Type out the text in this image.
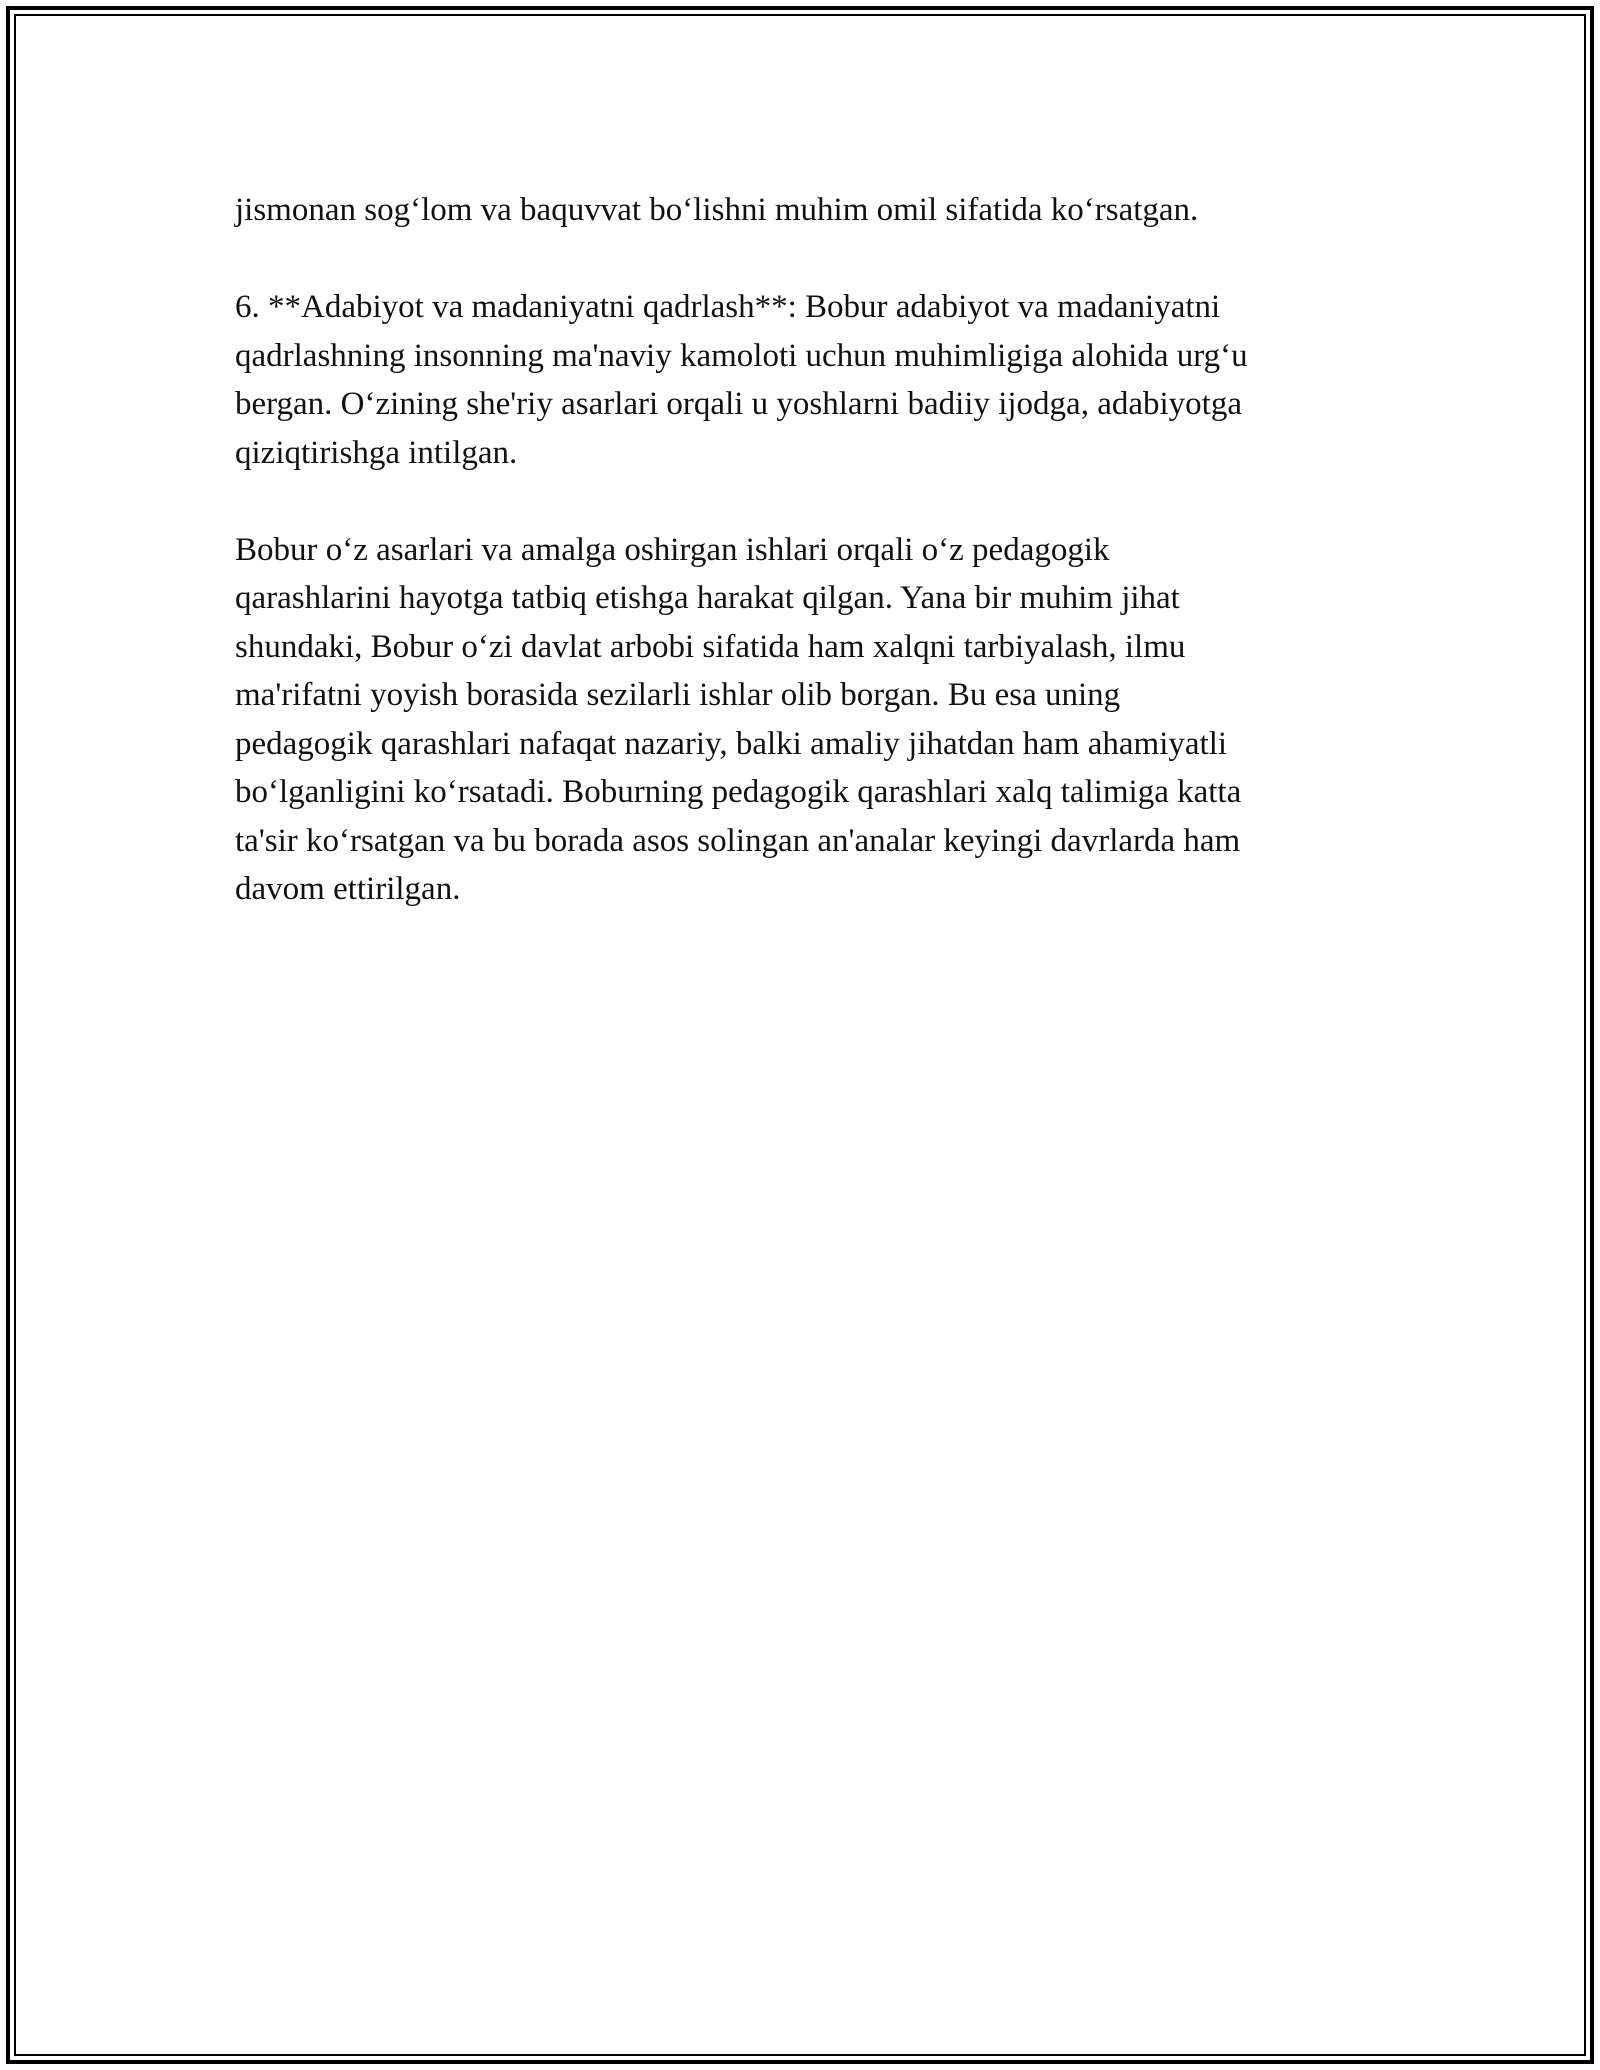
jismonan sog‘lom va baquvvat bo‘lishni muhim omil sifatida ko‘rsatgan.

6. **Adabiyot va madaniyatni qadrlash**: Bobur adabiyot va madaniyatni
qadrlashning insonning ma'naviy kamoloti uchun muhimligiga alohida urg‘u
bergan. O‘zining she'riy asarlari orqali u yoshlarni badiiy ijodga, adabiyotga
qiziqtirishga intilgan.

Bobur o‘z asarlari va amalga oshirgan ishlari orqali o‘z pedagogik
qarashlarini hayotga tatbiq etishga harakat qilgan. Yana bir muhim jihat
shundaki, Bobur o‘zi davlat arbobi sifatida ham xalqni tarbiyalash, ilmu
ma'rifatni yoyish borasida sezilarli ishlar olib borgan. Bu esa uning
pedagogik qarashlari nafaqat nazariy, balki amaliy jihatdan ham ahamiyatli
bo‘lganligini ko‘rsatadi. Boburning pedagogik qarashlari xalq talimiga katta
ta'sir ko‘rsatgan va bu borada asos solingan an'analar keyingi davrlarda ham
davom ettirilgan.
